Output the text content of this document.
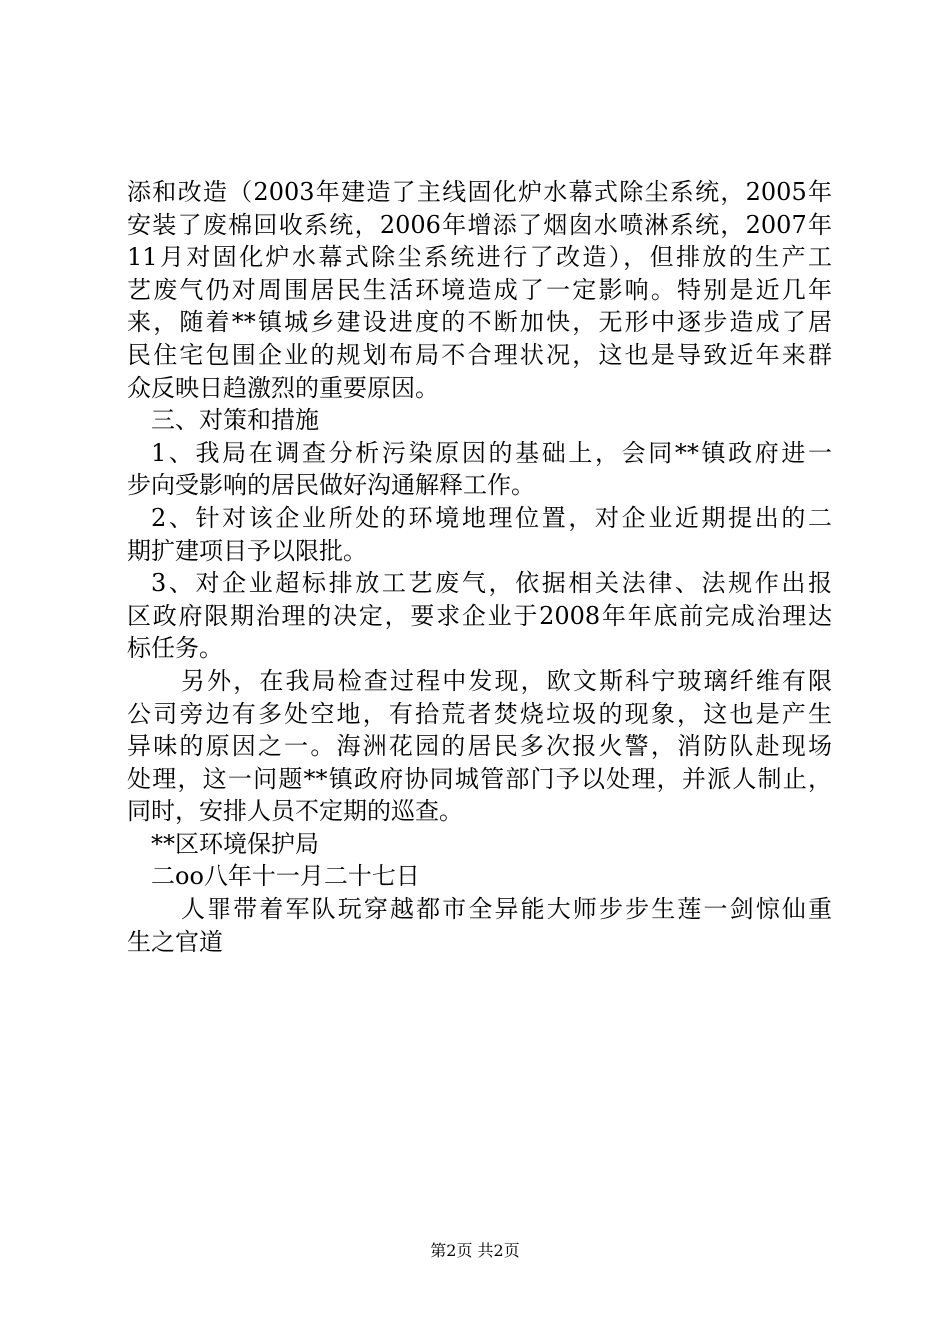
添和改造（2003年建造了主线固化炉水幕式除尘系统，2005年
安装了废棉回收系统，2006年增添了烟囱水喷淋系统，2007年
11月对固化炉水幕式除尘系统进行了改造），但排放的生产工
艺废气仍对周围居民生活环境造成了一定影响。特别是近几年
来，随着**镇城乡建设进度的不断加快，无形中逐步造成了居
民住宅包围企业的规划布局不合理状况，这也是导致近年来群
众反映日趋激烈的重要原因。
三、对策和措施
1、我局在调查分析污染原因的基础上，会同**镇政府进一
步向受影响的居民做好沟通解释工作。
2、针对该企业所处的环境地理位置，对企业近期提出的二
期扩建项目予以限批。
3、对企业超标排放工艺废气，依据相关法律、法规作出报
区政府限期治理的决定，要求企业于2008年年底前完成治理达
标任务。
另外，在我局检查过程中发现，欧文斯科宁玻璃纤维有限
公司旁边有多处空地，有拾荒者焚烧垃圾的现象，这也是产生
异味的原因之一。海洲花园的居民多次报火警，消防队赴现场
处理，这一问题**镇政府协同城管部门予以处理，并派人制止，
同时，安排人员不定期的巡查。
**区环境保护局
二oo八年十一月二十七日
人罪带着军队玩穿越都市全异能大师步步生莲一剑惊仙重
生之官道
第2页 共2页
